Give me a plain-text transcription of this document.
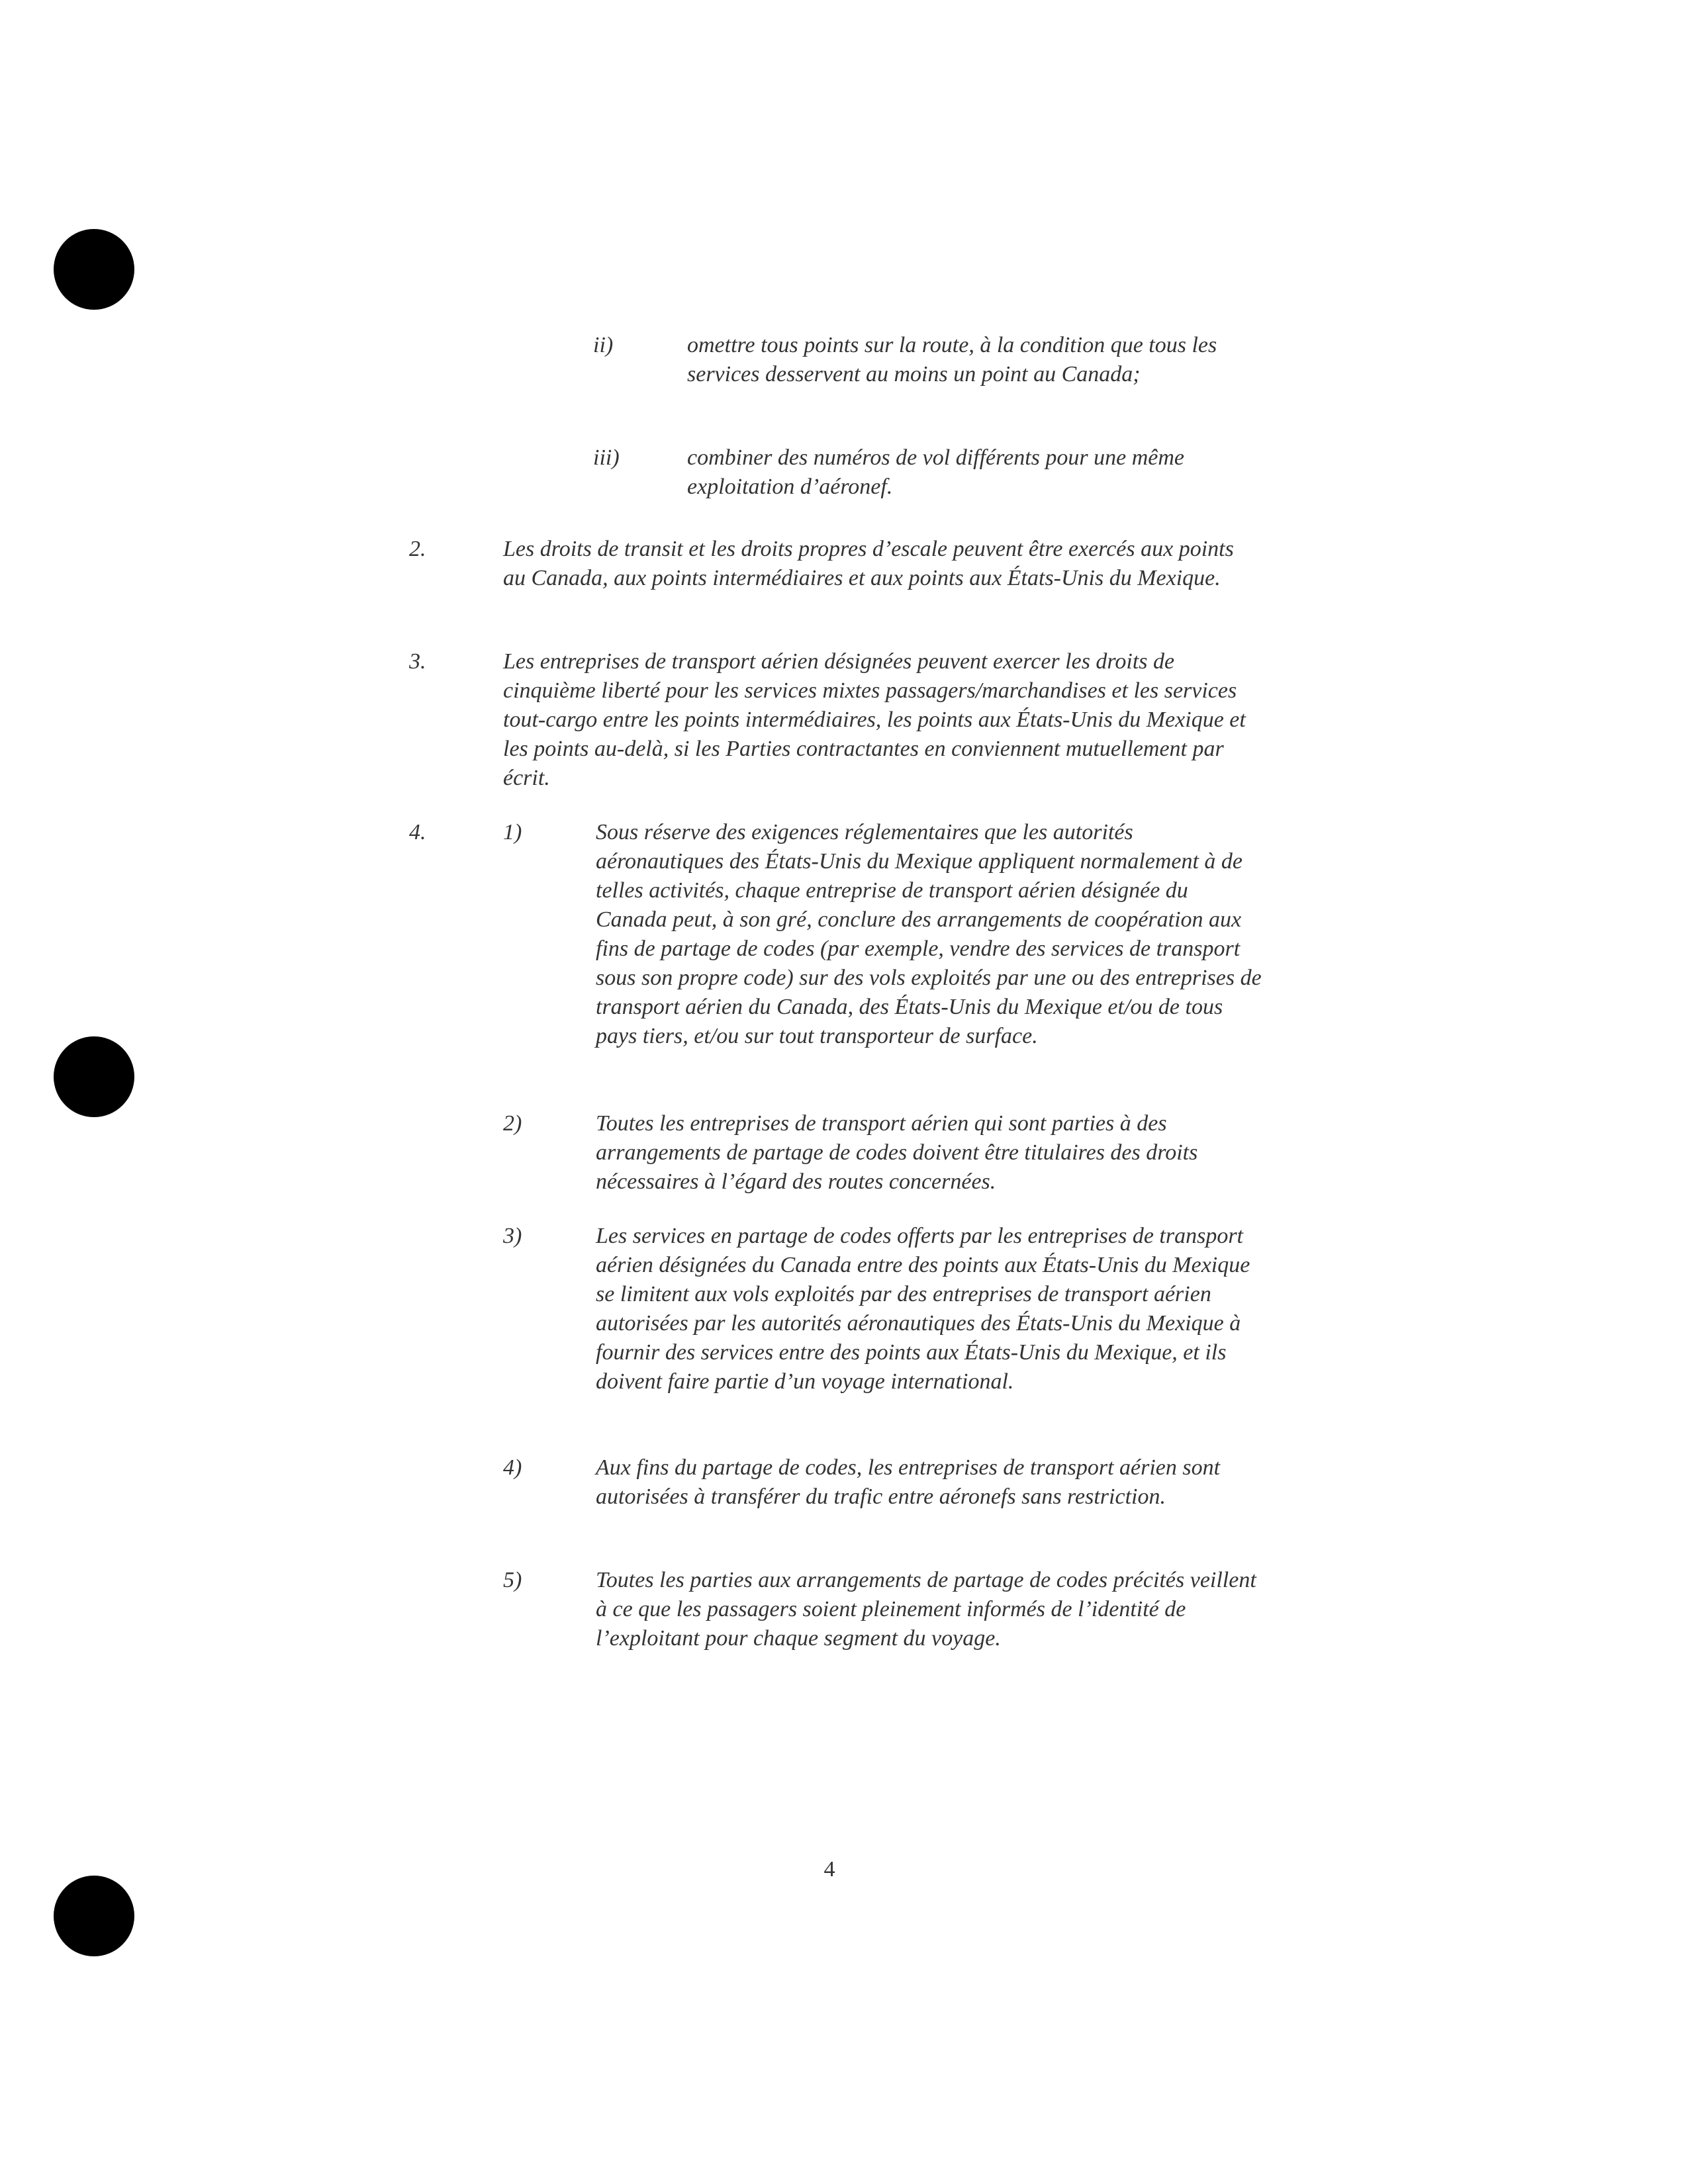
ii)	omettre tous points sur la route, à la condition que tous les services desservent au moins un point au Canada;
iii)	combiner des numéros de vol différents pour une même exploitation d’aéronef.
2.	Les droits de transit et les droits propres d’escale peuvent être exercés aux points au Canada, aux points intermédiaires et aux points aux États-Unis du Mexique.
3.	Les entreprises de transport aérien désignées peuvent exercer les droits de cinquième liberté pour les services mixtes passagers/marchandises et les services tout-cargo entre les points intermédiaires, les points aux États-Unis du Mexique et les points au-delà, si les Parties contractantes en conviennent mutuellement par écrit.
4.	1)	Sous réserve des exigences réglementaires que les autorités aéronautiques des États-Unis du Mexique appliquent normalement à de telles activités, chaque entreprise de transport aérien désignée du Canada peut, à son gré, conclure des arrangements de coopération aux fins de partage de codes (par exemple, vendre des services de transport sous son propre code) sur des vols exploités par une ou des entreprises de transport aérien du Canada, des États-Unis du Mexique et/ou de tous pays tiers, et/ou sur tout transporteur de surface.
2)	Toutes les entreprises de transport aérien qui sont parties à des arrangements de partage de codes doivent être titulaires des droits nécessaires à l’égard des routes concernées.
3)	Les services en partage de codes offerts par les entreprises de transport aérien désignées du Canada entre des points aux États-Unis du Mexique se limitent aux vols exploités par des entreprises de transport aérien autorisées par les autorités aéronautiques des États-Unis du Mexique à fournir des services entre des points aux États-Unis du Mexique, et ils doivent faire partie d’un voyage international.
4)	Aux fins du partage de codes, les entreprises de transport aérien sont autorisées à transférer du trafic entre aéronefs sans restriction.
5)	Toutes les parties aux arrangements de partage de codes précités veillent à ce que les passagers soient pleinement informés de l’identité de l’exploitant pour chaque segment du voyage.
4
